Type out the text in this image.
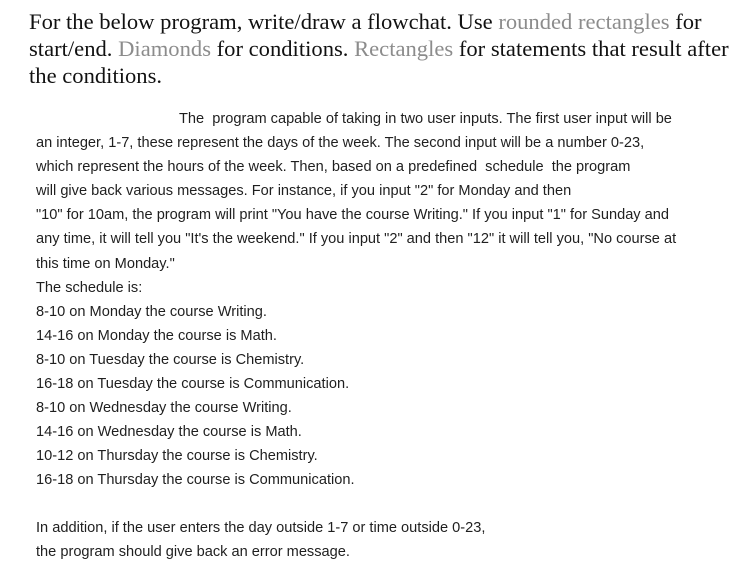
For the below program, write/draw a flowchat. Use rounded rectangles for start/end. Diamonds for conditions. Rectangles for statements that result after the conditions.

The  program capable of taking in two user inputs. The first user input will be
an integer, 1-7, these represent the days of the week. The second input will be a number 0-23,
which represent the hours of the week. Then, based on a predefined  schedule  the program
will give back various messages. For instance, if you input "2" for Monday and then
"10" for 10am, the program will print "You have the course Writing." If you input "1" for Sunday and
any time, it will tell you "It's the weekend." If you input "2" and then "12" it will tell you, "No course at
this time on Monday."
The schedule is:
8-10 on Monday the course Writing.
14-16 on Monday the course is Math.
8-10 on Tuesday the course is Chemistry.
16-18 on Tuesday the course is Communication.
8-10 on Wednesday the course Writing.
14-16 on Wednesday the course is Math.
10-12 on Thursday the course is Chemistry.
16-18 on Thursday the course is Communication.
In addition, if the user enters the day outside 1-7 or time outside 0-23,
the program should give back an error message.
